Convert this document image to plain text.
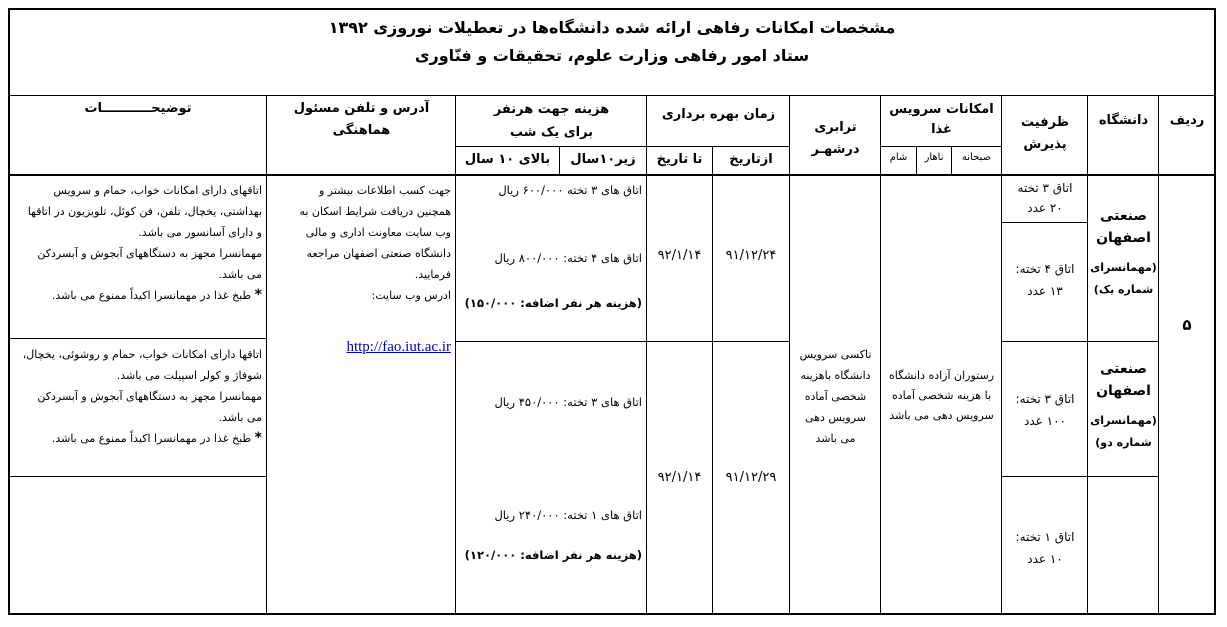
مشخصات امکانات رفاهی ارائه شده دانشگاه‌ها در تعطیلات نوروزی ۱۳۹۲
ستاد امور رفاهی وزارت علوم، تحقیقات و فنّاوری
ردیف
دانشگاه
ظرفیت
پذیرش
امکانات سرویس
غذا
صبحانه
ناهار
شام
ترابری
درشهـر
زمان بهره برداری
ازتاریخ
تا تاریخ
هزینه جهت هرنفر
برای یک شب
زیر۱۰سال
بالای ۱۰ سال
آدرس و تلفن مسئول هماهنگی
توضیحـــــــــــات
۵
صنعتی
اصفهان
(مهمانسرای
شماره یک)
صنعتی
اصفهان
(مهمانسرای
شماره دو)
اتاق ۳ تخته
۲۰ عدد
اتاق ۴ تخته:
۱۳ عدد
اتاق ۳ تخته:
۱۰۰ عدد
اتاق ۱ تخته:
۱۰ عدد
رستوران آزاده دانشگاه
با هزینه شخصی آماده
سرویس دهی می باشد
تاکسی سرویس
دانشگاه باهزینه
شخصی آماده
سرویس دهی
می باشد
۹۱/۱۲/۲۴
۹۲/۱/۱۴
۹۱/۱۲/۲۹
۹۲/۱/۱۴
اتاق های ۳ تخته ۶۰۰/۰۰۰ ریال
اتاق های ۴ تخته: ۸۰۰/۰۰۰ ریال
(هزینه هر نفر اضافه: ۱۵۰/۰۰۰)
اتاق های ۳ تخته: ۴۵۰/۰۰۰ ریال
اتاق های ۱ تخته: ۲۴۰/۰۰۰ ریال
(هزینه هر نفر اضافه: ۱۲۰/۰۰۰)
جهت کسب اطلاعات بیشتر و
همچنین دریافت شرایط اسکان به
وب سایت معاونت اداری و مالی
دانشگاه صنعتی اصفهان مراجعه
فرمایید.
ادرس وب سایت:
http://fao.iut.ac.ir
اتاقهای دارای امکانات خواب، حمام و سرویس
بهداشتی، یخچال، تلفن، فن کوئل، تلویزیون در اتاقها
و دارای آسانسور می باشد.
مهمانسرا مجهز به دستگاههای آبجوش و آبسردکن
می باشد.
* طبخ غذا در مهمانسرا اکیداً ممنوع می باشد.
اتاقها دارای امکانات خواب، حمام و روشوئی، یخچال،
شوفاژ و کولر اسپیلت می باشد.
مهمانسرا مجهز به دستگاههای آبجوش و آبسردکن
می باشد.
* طبخ غذا در مهمانسرا اکیداً ممنوع می باشد.
